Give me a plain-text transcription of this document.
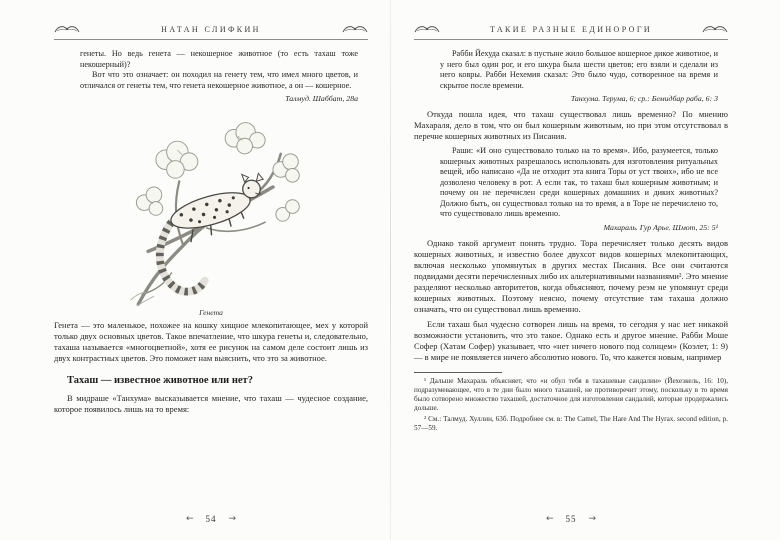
НАТАН СЛИФКИН

генеты. Но ведь генета — некошерное животное (то есть тахаш тоже некошерный)?

Вот что это означает: он походил на генету тем, что имел много цветов, и отличался от генеты тем, что генета некошерное животное, а он — кошерное.

Талмуд. Шаббат, 28а

Генета

Генета — это маленькое, похожее на кошку хищное млекопитающее, мех у которой только двух основных цветов. Такое впечатление, что шкура генеты и, следовательно, тахаша называется «многоцветной», хотя ее рисунок на самом деле состоит лишь из двух контрастных цветов. Это поможет нам выяснить, что это за животное.

Тахаш — известное животное или нет?

В мидраше «Танхума» высказывается мнение, что тахаш — чудесное создание, которое появилось лишь на то время:

← 54 →
ТАКИЕ РАЗНЫЕ ЕДИНОРОГИ

Рабби Йехуда сказал: в пустыне жило большое кошерное дикое животное, и у него был один рог, и его шкура была шести цветов; его взяли и сделали из него ковры. Рабби Нехемия сказал: Это было чудо, сотворенное на время и скрытое после времени.

Танхума. Терума, 6; ср.: Бемидбар раба, 6: 3

Откуда пошла идея, что тахаш существовал лишь временно? По мнению Махараля, дело в том, что он был кошерным животным, но при этом отсутствовал в перечне кошерных животных из Писания.

Раши: «И оно существовало только на то время». Ибо, разумеется, только кошерных животных разрешалось использовать для изготовления ритуальных вещей, ибо написано «Да не отходит эта книга Торы от уст твоих», ибо не все дозволено человеку в рот. А если так, то тахаш был кошерным животным; и почему он не перечислен среди кошерных домашних и диких животных? Должно быть, он существовал только на то время, а в Торе не перечислено то, что существовало лишь временно.

Махараль. Гур Арье. Шмот, 25: 5¹

Однако такой аргумент понять трудно. Тора перечисляет только десять видов кошерных животных, и известно более двухсот видов кошерных млекопитающих, включая несколько упомянутых в других местах Писания. Все они считаются подвидами десяти перечисленных либо их альтернативными названиями². Это мнение разделяют несколько авторитетов, когда объясняют, почему реэм не упомянут среди кошерных животных. Поэтому неясно, почему отсутствие там тахаша должно означать, что он существовал лишь временно.

Если тахаш был чудесно сотворен лишь на время, то сегодня у нас нет никакой возможности установить, что это такое. Однако есть и другое мнение. Рабби Моше Софер (Хатам Софер) указывает, что «нет ничего нового под солнцем» (Коэлет, 1: 9) — в мире не появляется ничего абсолютно нового. То, что кажется новым, например

¹ Дальше Махараль объясняет, что «и обул тебя в тахашевые сандалии» (Йехезкель, 16: 10), подразумевающее, что в те дни было много тахашей, не противоречит этому, поскольку в то время было сотворено множество тахашей, достаточное для изготовления сандалий, которые продержались дольше.

² См.: Талмуд. Хуллин, 63б. Подробнее см. в: The Camel, The Hare And The Hyrax. second edition, p. 57—59.

← 55 →
